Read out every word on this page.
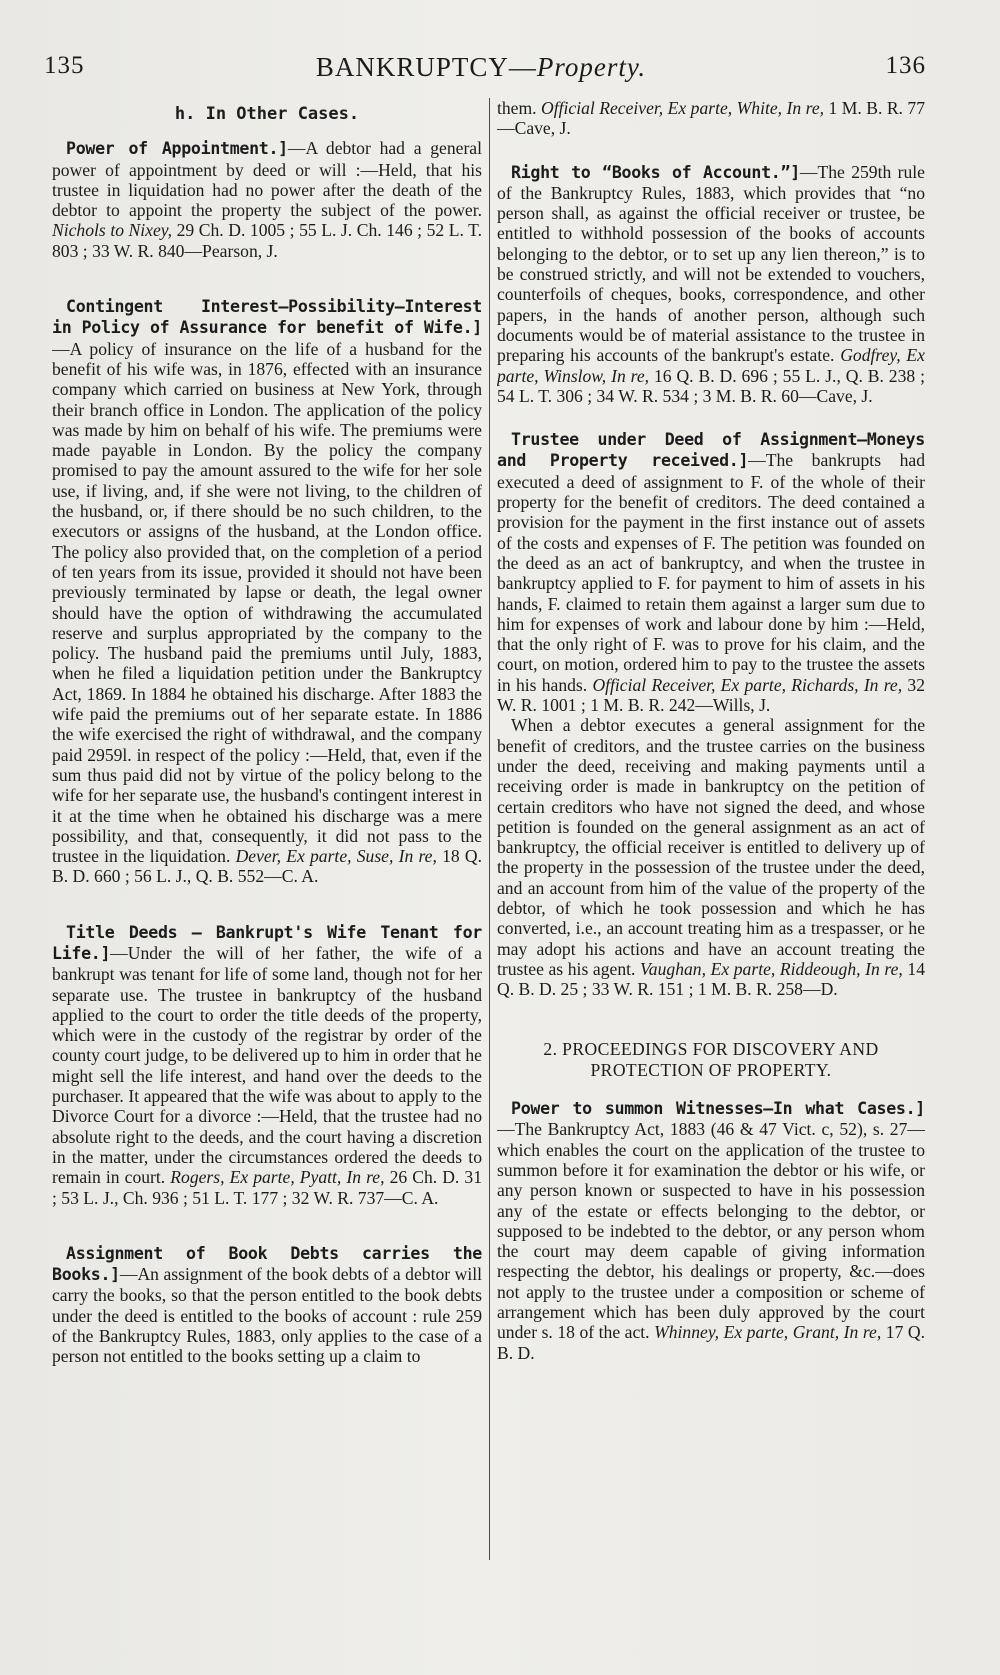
135	BANKRUPTCY—Property.	136

h. In Other Cases.

Power of Appointment.]—A debtor had a general power of appointment by deed or will :—Held, that his trustee in liquidation had no power after the death of the debtor to appoint the property the subject of the power. Nichols to Nixey, 29 Ch. D. 1005 ; 55 L. J. Ch. 146 ; 52 L. T. 803 ; 33 W. R. 840—Pearson, J.

Contingent Interest—Possibility—Interest in Policy of Assurance for benefit of Wife.]—A policy of insurance on the life of a husband for the benefit of his wife was, in 1876, effected with an insurance company which carried on business at New York, through their branch office in London. The application of the policy was made by him on behalf of his wife. The premiums were made payable in London. By the policy the company promised to pay the amount assured to the wife for her sole use, if living, and, if she were not living, to the children of the husband, or, if there should be no such children, to the executors or assigns of the husband, at the London office. The policy also provided that, on the completion of a period of ten years from its issue, provided it should not have been previously terminated by lapse or death, the legal owner should have the option of withdrawing the accumulated reserve and surplus appropriated by the company to the policy. The husband paid the premiums until July, 1883, when he filed a liquidation petition under the Bankruptcy Act, 1869. In 1884 he obtained his discharge. After 1883 the wife paid the premiums out of her separate estate. In 1886 the wife exercised the right of withdrawal, and the company paid 2959l. in respect of the policy :—Held, that, even if the sum thus paid did not by virtue of the policy belong to the wife for her separate use, the husband's contingent interest in it at the time when he obtained his discharge was a mere possibility, and that, consequently, it did not pass to the trustee in the liquidation. Dever, Ex parte, Suse, In re, 18 Q. B. D. 660 ; 56 L. J., Q. B. 552—C. A.

Title Deeds — Bankrupt's Wife Tenant for Life.]—Under the will of her father, the wife of a bankrupt was tenant for life of some land, though not for her separate use. The trustee in bankruptcy of the husband applied to the court to order the title deeds of the property, which were in the custody of the registrar by order of the county court judge, to be delivered up to him in order that he might sell the life interest, and hand over the deeds to the purchaser. It appeared that the wife was about to apply to the Divorce Court for a divorce :—Held, that the trustee had no absolute right to the deeds, and the court having a discretion in the matter, under the circumstances ordered the deeds to remain in court. Rogers, Ex parte, Pyatt, In re, 26 Ch. D. 31 ; 53 L. J., Ch. 936 ; 51 L. T. 177 ; 32 W. R. 737—C. A.

Assignment of Book Debts carries the Books.]—An assignment of the book debts of a debtor will carry the books, so that the person entitled to the book debts under the deed is entitled to the books of account : rule 259 of the Bankruptcy Rules, 1883, only applies to the case of a person not entitled to the books setting up a claim to

them. Official Receiver, Ex parte, White, In re, 1 M. B. R. 77—Cave, J.

Right to “Books of Account.”]—The 259th rule of the Bankruptcy Rules, 1883, which provides that “no person shall, as against the official receiver or trustee, be entitled to withhold possession of the books of accounts belonging to the debtor, or to set up any lien thereon,” is to be construed strictly, and will not be extended to vouchers, counterfoils of cheques, books, correspondence, and other papers, in the hands of another person, although such documents would be of material assistance to the trustee in preparing his accounts of the bankrupt's estate. Godfrey, Ex parte, Winslow, In re, 16 Q. B. D. 696 ; 55 L. J., Q. B. 238 ; 54 L. T. 306 ; 34 W. R. 534 ; 3 M. B. R. 60—Cave, J.

Trustee under Deed of Assignment—Moneys and Property received.]—The bankrupts had executed a deed of assignment to F. of the whole of their property for the benefit of creditors. The deed contained a provision for the payment in the first instance out of assets of the costs and expenses of F. The petition was founded on the deed as an act of bankruptcy, and when the trustee in bankruptcy applied to F. for payment to him of assets in his hands, F. claimed to retain them against a larger sum due to him for expenses of work and labour done by him :—Held, that the only right of F. was to prove for his claim, and the court, on motion, ordered him to pay to the trustee the assets in his hands. Official Receiver, Ex parte, Richards, In re, 32 W. R. 1001 ; 1 M. B. R. 242—Wills, J.

When a debtor executes a general assignment for the benefit of creditors, and the trustee carries on the business under the deed, receiving and making payments until a receiving order is made in bankruptcy on the petition of certain creditors who have not signed the deed, and whose petition is founded on the general assignment as an act of bankruptcy, the official receiver is entitled to delivery up of the property in the possession of the trustee under the deed, and an account from him of the value of the property of the debtor, of which he took possession and which he has converted, i.e., an account treating him as a trespasser, or he may adopt his actions and have an account treating the trustee as his agent. Vaughan, Ex parte, Riddeough, In re, 14 Q. B. D. 25 ; 33 W. R. 151 ; 1 M. B. R. 258—D.

2. PROCEEDINGS FOR DISCOVERY AND PROTECTION OF PROPERTY.

Power to summon Witnesses—In what Cases.]—The Bankruptcy Act, 1883 (46 & 47 Vict. c, 52), s. 27—which enables the court on the application of the trustee to summon before it for examination the debtor or his wife, or any person known or suspected to have in his possession any of the estate or effects belonging to the debtor, or supposed to be indebted to the debtor, or any person whom the court may deem capable of giving information respecting the debtor, his dealings or property, &c.—does not apply to the trustee under a composition or scheme of arrangement which has been duly approved by the court under s. 18 of the act. Whinney, Ex parte, Grant, In re, 17 Q. B. D.
